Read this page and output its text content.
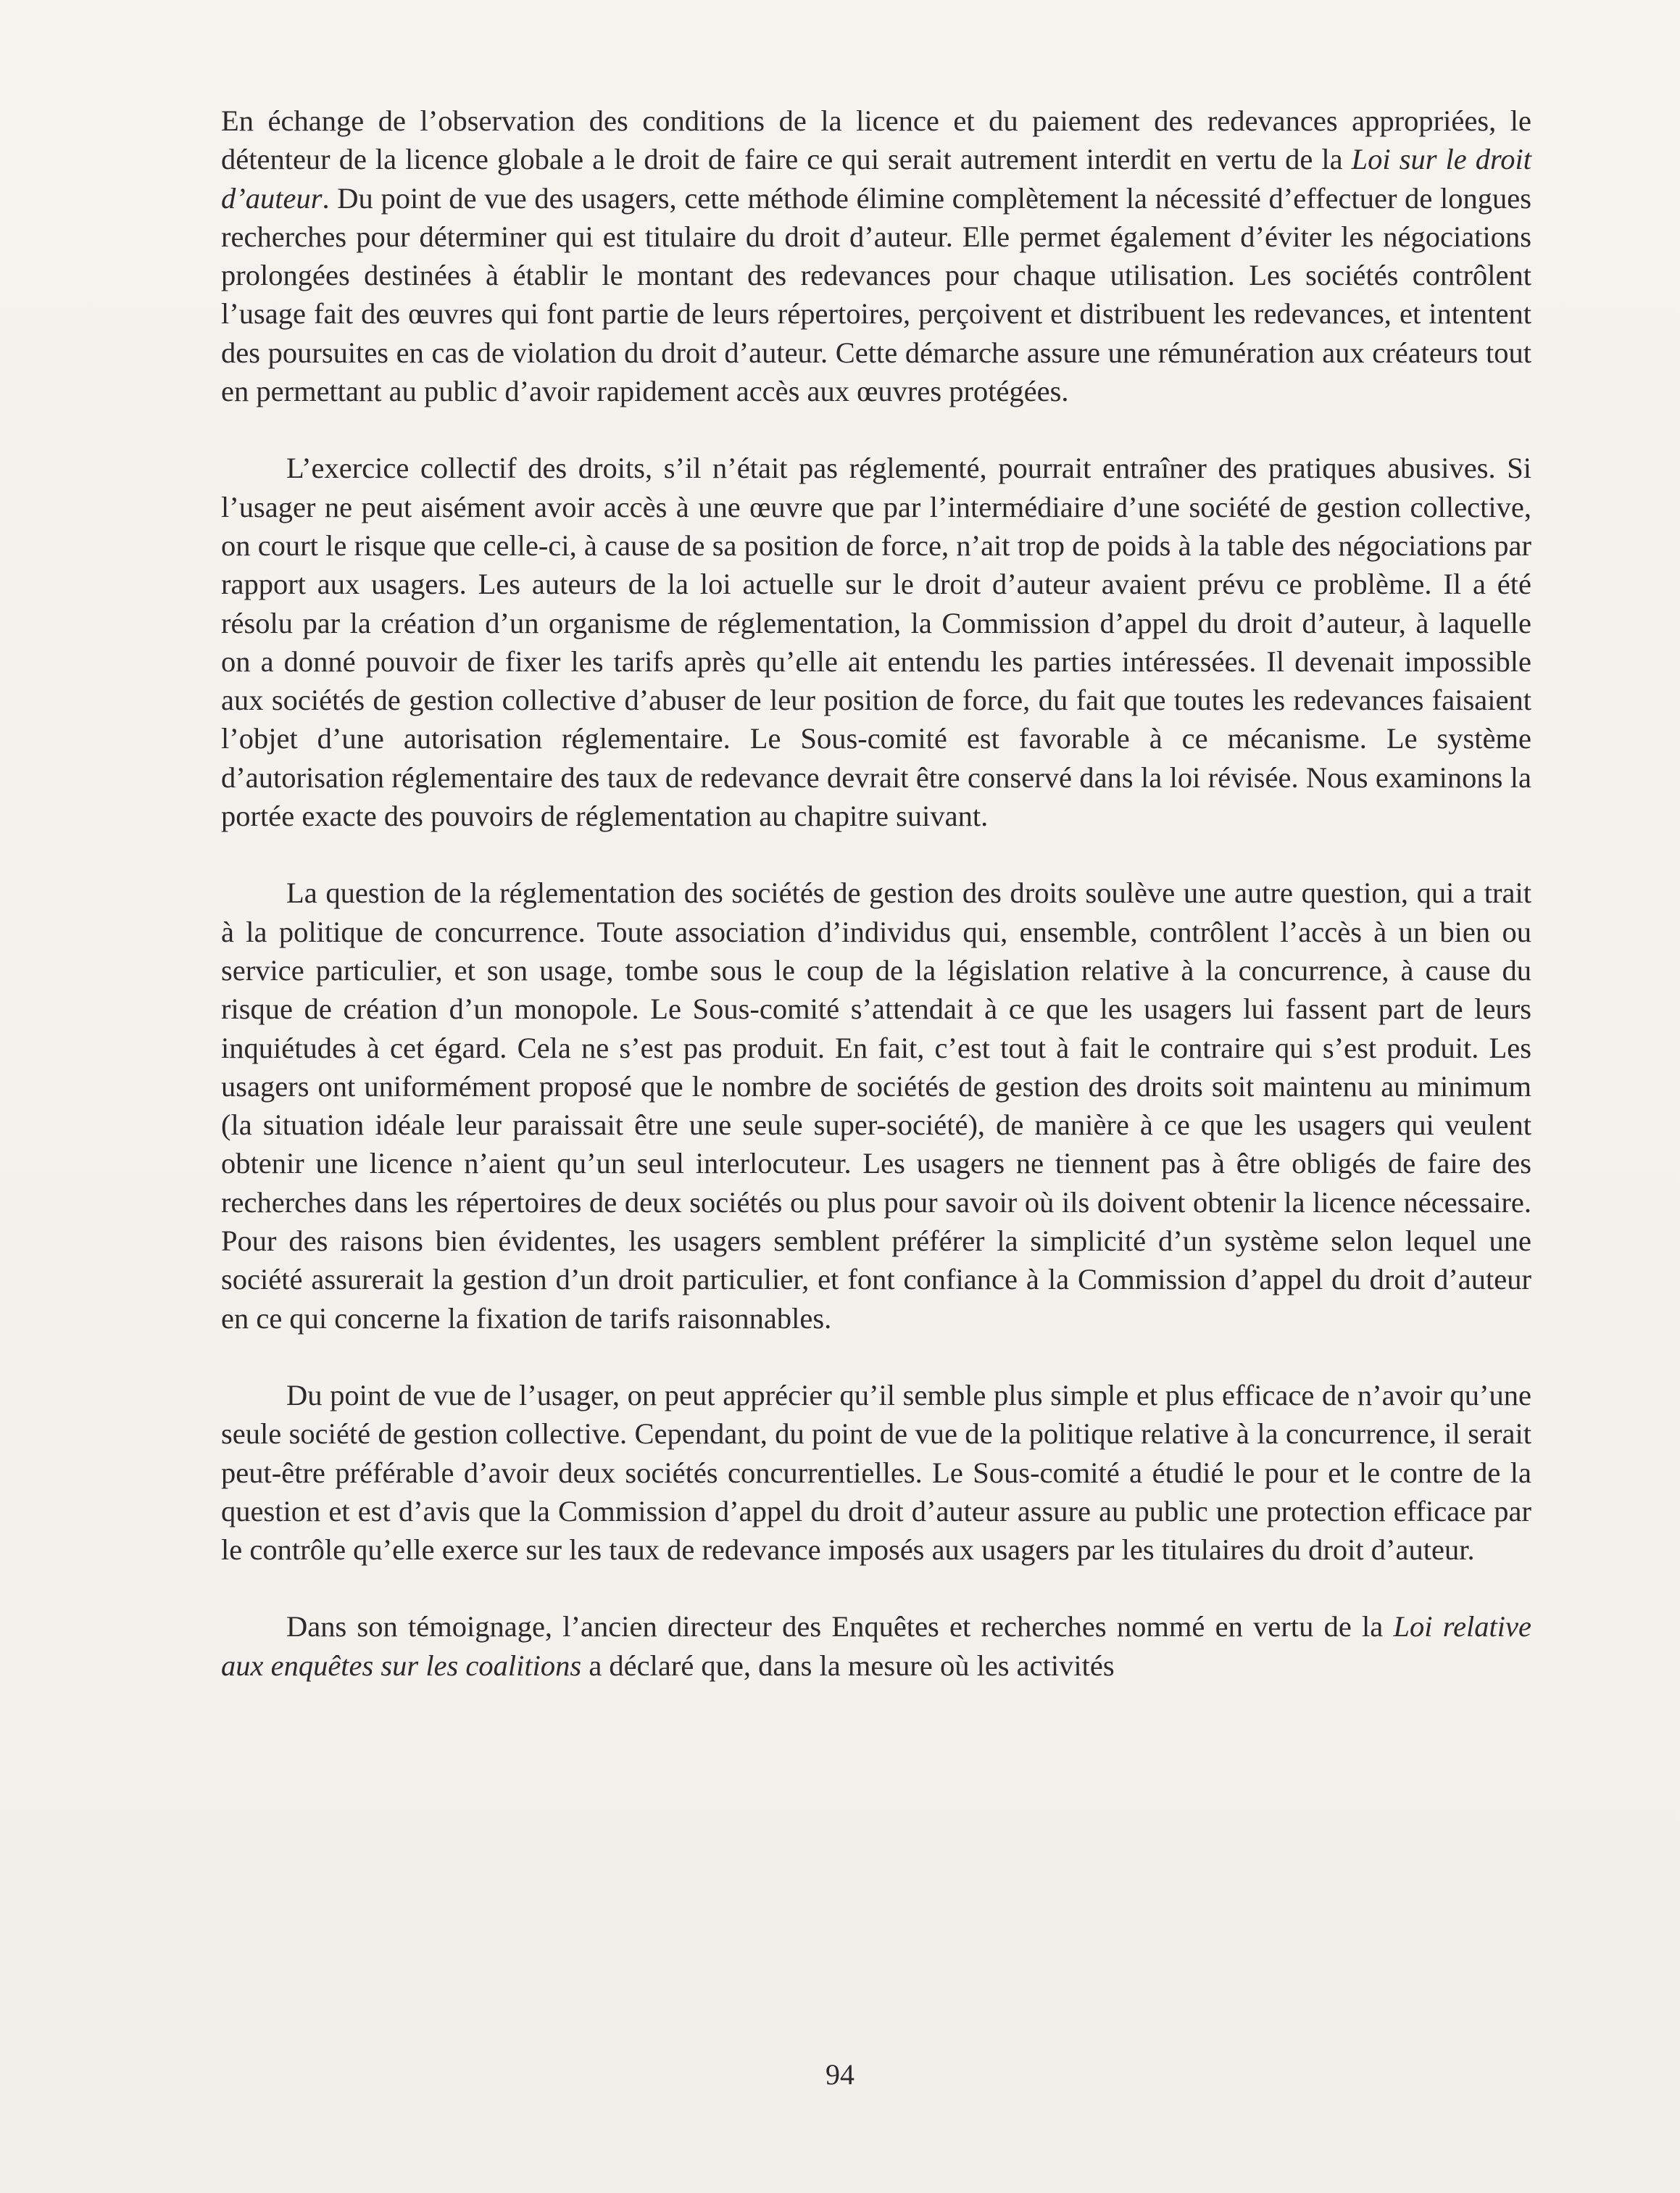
En échange de l’observation des conditions de la licence et du paiement des redevances appropriées, le détenteur de la licence globale a le droit de faire ce qui serait autrement interdit en vertu de la Loi sur le droit d’auteur. Du point de vue des usagers, cette méthode élimine complètement la nécessité d’effectuer de longues recherches pour déterminer qui est titulaire du droit d’auteur. Elle permet également d’éviter les négociations prolongées destinées à établir le montant des redevances pour chaque utilisation. Les sociétés contrôlent l’usage fait des œuvres qui font partie de leurs répertoires, perçoivent et distribuent les redevances, et intentent des poursuites en cas de violation du droit d’auteur. Cette démarche assure une rémunération aux créateurs tout en permettant au public d’avoir rapidement accès aux œuvres protégées.

L’exercice collectif des droits, s’il n’était pas réglementé, pourrait entraîner des pratiques abusives. Si l’usager ne peut aisément avoir accès à une œuvre que par l’intermédiaire d’une société de gestion collective, on court le risque que celle-ci, à cause de sa position de force, n’ait trop de poids à la table des négociations par rapport aux usagers. Les auteurs de la loi actuelle sur le droit d’auteur avaient prévu ce problème. Il a été résolu par la création d’un organisme de réglementation, la Commission d’appel du droit d’auteur, à laquelle on a donné pouvoir de fixer les tarifs après qu’elle ait entendu les parties intéressées. Il devenait impossible aux sociétés de gestion collective d’abuser de leur position de force, du fait que toutes les redevances faisaient l’objet d’une autorisation réglementaire. Le Sous-comité est favorable à ce mécanisme. Le système d’autorisation réglementaire des taux de redevance devrait être conservé dans la loi révisée. Nous examinons la portée exacte des pouvoirs de réglementation au chapitre suivant.

La question de la réglementation des sociétés de gestion des droits soulève une autre question, qui a trait à la politique de concurrence. Toute association d’individus qui, ensemble, contrôlent l’accès à un bien ou service particulier, et son usage, tombe sous le coup de la législation relative à la concurrence, à cause du risque de création d’un monopole. Le Sous-comité s’attendait à ce que les usagers lui fassent part de leurs inquiétudes à cet égard. Cela ne s’est pas produit. En fait, c’est tout à fait le contraire qui s’est produit. Les usagers ont uniformément proposé que le nombre de sociétés de gestion des droits soit maintenu au minimum (la situation idéale leur paraissait être une seule super-société), de manière à ce que les usagers qui veulent obtenir une licence n’aient qu’un seul interlocuteur. Les usagers ne tiennent pas à être obligés de faire des recherches dans les répertoires de deux sociétés ou plus pour savoir où ils doivent obtenir la licence nécessaire. Pour des raisons bien évidentes, les usagers semblent préférer la simplicité d’un système selon lequel une société assurerait la gestion d’un droit particulier, et font confiance à la Commission d’appel du droit d’auteur en ce qui concerne la fixation de tarifs raisonnables.

Du point de vue de l’usager, on peut apprécier qu’il semble plus simple et plus efficace de n’avoir qu’une seule société de gestion collective. Cependant, du point de vue de la politique relative à la concurrence, il serait peut-être préférable d’avoir deux sociétés concurrentielles. Le Sous-comité a étudié le pour et le contre de la question et est d’avis que la Commission d’appel du droit d’auteur assure au public une protection efficace par le contrôle qu’elle exerce sur les taux de redevance imposés aux usagers par les titulaires du droit d’auteur.

Dans son témoignage, l’ancien directeur des Enquêtes et recherches nommé en vertu de la Loi relative aux enquêtes sur les coalitions a déclaré que, dans la mesure où les activités

94
